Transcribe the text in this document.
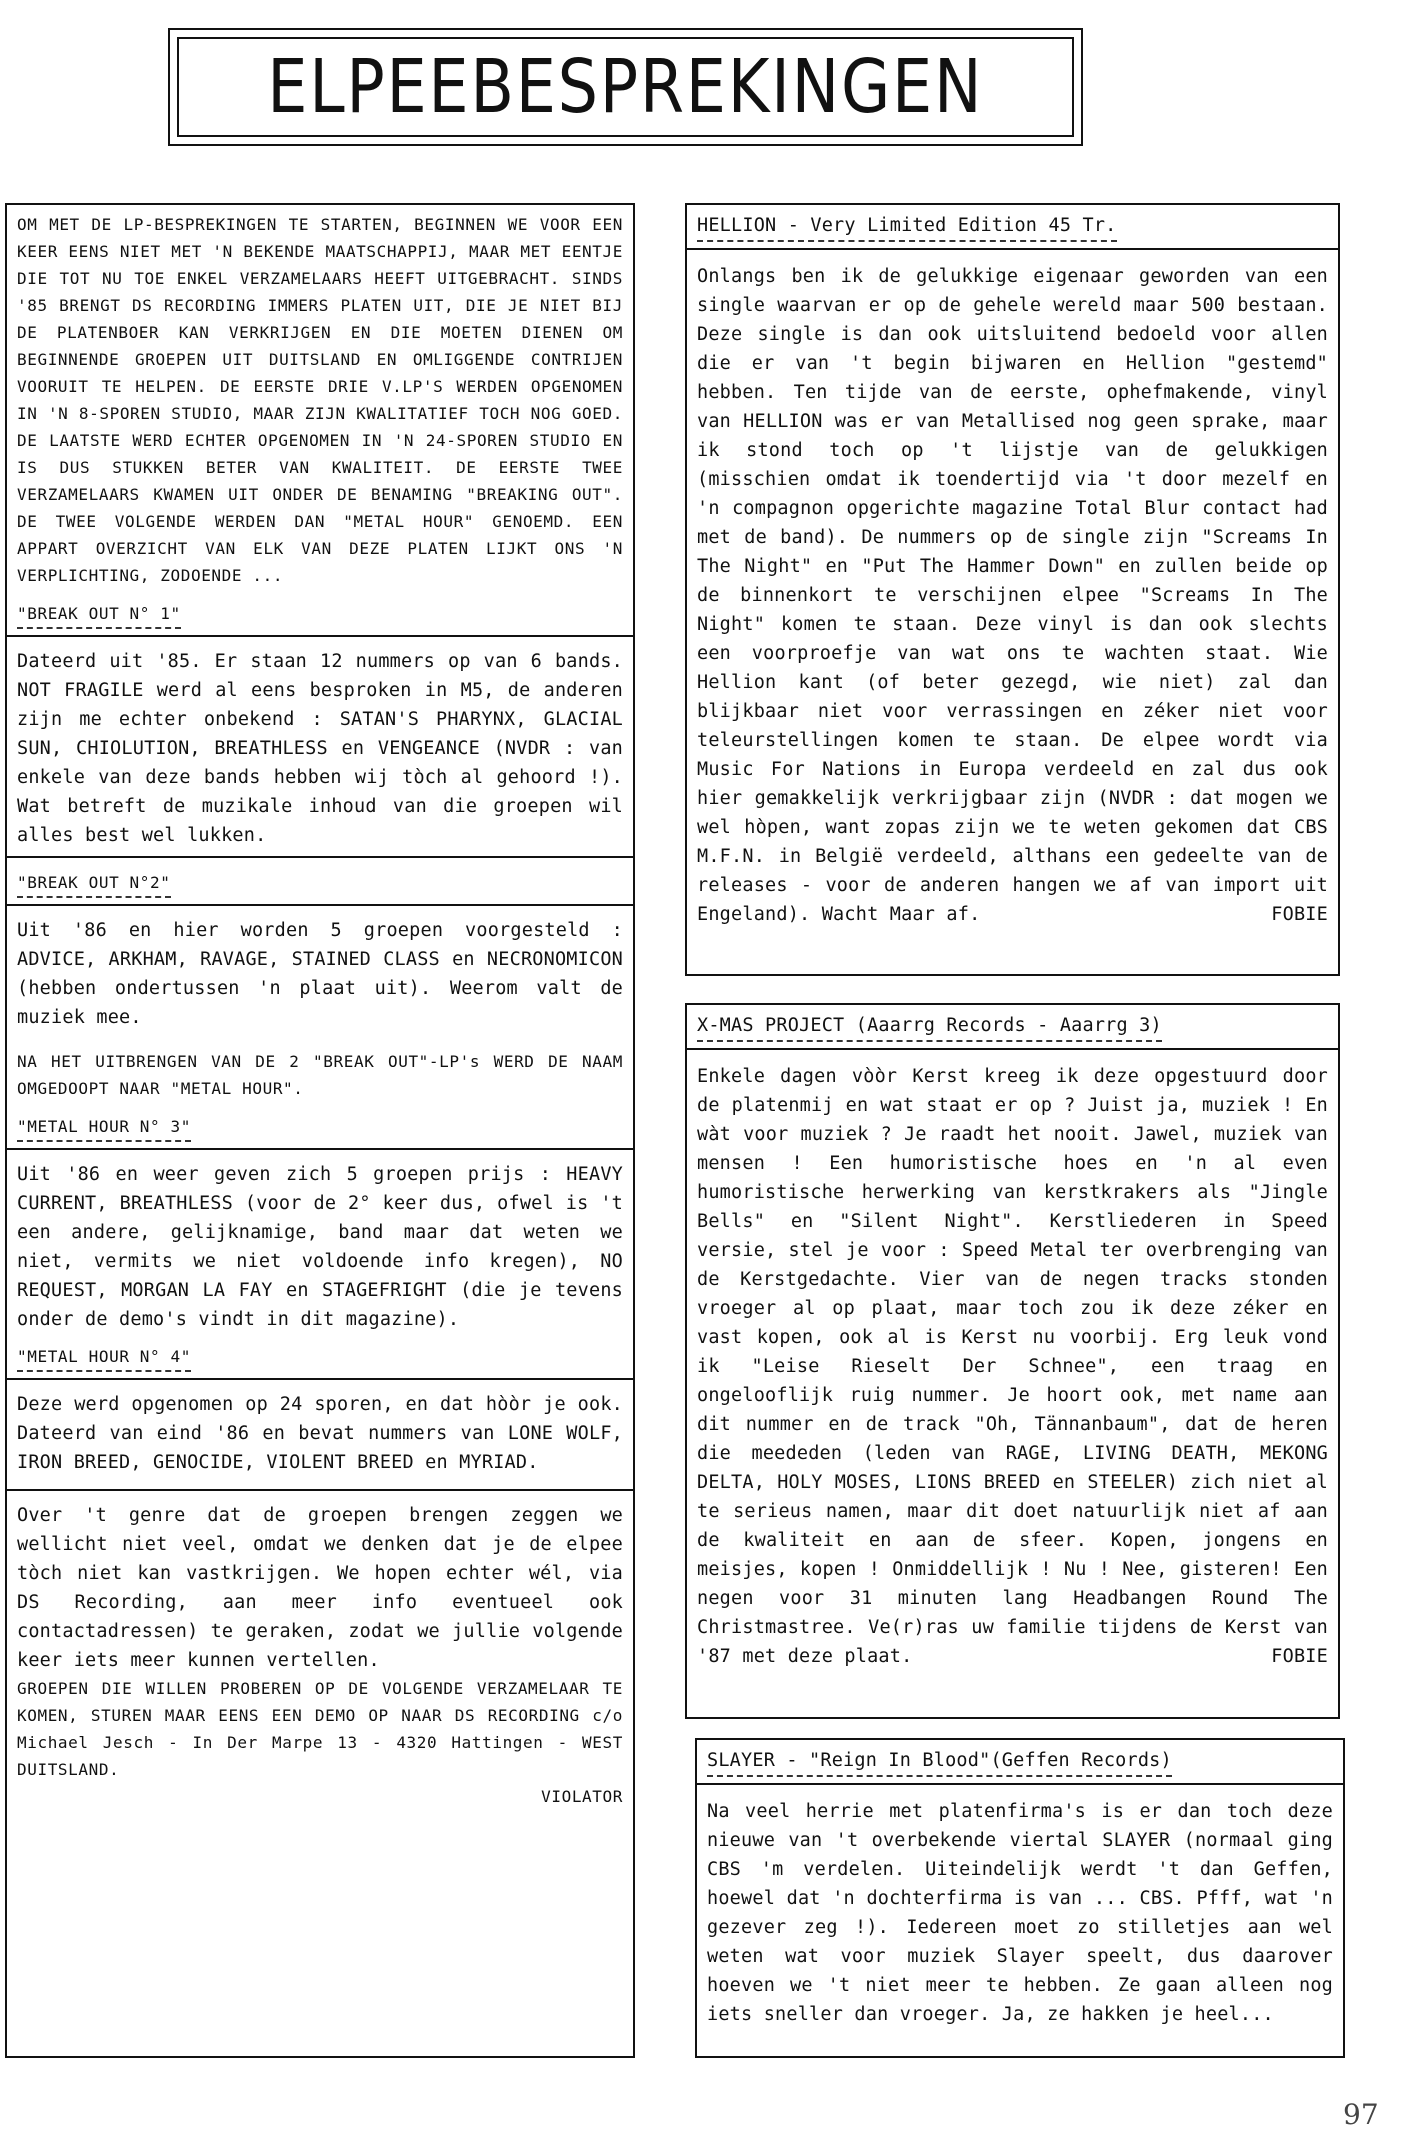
ELPEEBESPREKINGEN

OM MET DE LP-BESPREKINGEN TE STARTEN, BEGINNEN WE VOOR EEN KEER EENS NIET MET 'N BEKENDE MAATSCHAPPIJ, MAAR MET EENTJE DIE TOT NU TOE ENKEL VERZAMELAARS HEEFT UITGEBRACHT. SINDS '85 BRENGT DS RECORDING IMMERS PLATEN UIT, DIE JE NIET BIJ DE PLATENBOER KAN VERKRIJGEN EN DIE MOETEN DIENEN OM BEGINNENDE GROEPEN UIT DUITSLAND EN OMLIGGENDE CONTRIJEN VOORUIT TE HELPEN. DE EERSTE DRIE V.LP'S WERDEN OPGENOMEN IN 'N 8-SPOREN STUDIO, MAAR ZIJN KWALITATIEF TOCH NOG GOED. DE LAATSTE WERD ECHTER OPGENOMEN IN 'N 24-SPOREN STUDIO EN IS DUS STUKKEN BETER VAN KWALITEIT. DE EERSTE TWEE VERZAMELAARS KWAMEN UIT ONDER DE BENAMING "BREAKING OUT". DE TWEE VOLGENDE WERDEN DAN "METAL HOUR" GENOEMD. EEN APPART OVERZICHT VAN ELK VAN DEZE PLATEN LIJKT ONS 'N VERPLICHTING, ZODOENDE ...

"BREAK OUT N° 1"

Dateerd uit '85. Er staan 12 nummers op van 6 bands. NOT FRAGILE werd al eens besproken in M5, de anderen zijn me echter onbekend : SATAN'S PHARYNX, GLACIAL SUN, CHIOLUTION, BREATHLESS en VENGEANCE (NVDR : van enkele van deze bands hebben wij tòch al gehoord !). Wat betreft de muzikale inhoud van die groepen wil alles best wel lukken.

"BREAK OUT N°2"

Uit '86 en hier worden 5 groepen voorgesteld : ADVICE, ARKHAM, RAVAGE, STAINED CLASS en NECRONOMICON (hebben ondertussen 'n plaat uit). Weerom valt de muziek mee.

NA HET UITBRENGEN VAN DE 2 "BREAK OUT"-LP's WERD DE NAAM OMGEDOOPT NAAR "METAL HOUR".

"METAL HOUR N° 3"

Uit '86 en weer geven zich 5 groepen prijs : HEAVY CURRENT, BREATHLESS (voor de 2° keer dus, ofwel is 't een andere, gelijknamige, band maar dat weten we niet, vermits we niet voldoende info kregen), NO REQUEST, MORGAN LA FAY en STAGEFRIGHT (die je tevens onder de demo's vindt in dit magazine).

"METAL HOUR N° 4"

Deze werd opgenomen op 24 sporen, en dat hòòr je ook. Dateerd van eind '86 en bevat nummers van LONE WOLF, IRON BREED, GENOCIDE, VIOLENT BREED en MYRIAD.

Over 't genre dat de groepen brengen zeggen we wellicht niet veel, omdat we denken dat je de elpee tòch niet kan vastkrijgen. We hopen echter wél, via DS Recording, aan meer info eventueel ook contactadressen) te geraken, zodat we jullie volgende keer iets meer kunnen vertellen.

GROEPEN DIE WILLEN PROBEREN OP DE VOLGENDE VERZAMELAAR TE KOMEN, STUREN MAAR EENS EEN DEMO OP NAAR DS RECORDING c/o Michael Jesch - In Der Marpe 13 - 4320 Hattingen - WEST DUITSLAND.

VIOLATOR

HELLION - Very Limited Edition 45 Tr.

Onlangs ben ik de gelukkige eigenaar geworden van een single waarvan er op de gehele wereld maar 500 bestaan. Deze single is dan ook uitsluitend bedoeld voor allen die er van 't begin bijwaren en Hellion "gestemd" hebben. Ten tijde van de eerste, ophefmakende, vinyl van HELLION was er van Metallised nog geen sprake, maar ik stond toch op 't lijstje van de gelukkigen (misschien omdat ik toendertijd via 't door mezelf en 'n compagnon opgerichte magazine Total Blur contact had met de band). De nummers op de single zijn "Screams In The Night" en "Put The Hammer Down" en zullen beide op de binnenkort te verschijnen elpee "Screams In The Night" komen te staan. Deze vinyl is dan ook slechts een voorproefje van wat ons te wachten staat. Wie Hellion kant (of beter gezegd, wie niet) zal dan blijkbaar niet voor verrassingen en zéker niet voor teleurstellingen komen te staan. De elpee wordt via Music For Nations in Europa verdeeld en zal dus ook hier gemakkelijk verkrijgbaar zijn (NVDR : dat mogen we wel hòpen, want zopas zijn we te weten gekomen dat CBS M.F.N. in België verdeeld, althans een gedeelte van de releases - voor de anderen hangen we af van import uit Engeland). Wacht Maar af.	FOBIE

X-MAS PROJECT (Aaarrg Records - Aaarrg 3)

Enkele dagen vòòr Kerst kreeg ik deze opgestuurd door de platenmij en wat staat er op ? Juist ja, muziek ! En wàt voor muziek ? Je raadt het nooit. Jawel, muziek van mensen ! Een humoristische hoes en 'n al even humoristische herwerking van kerstkrakers als "Jingle Bells" en "Silent Night". Kerstliederen in Speed versie, stel je voor : Speed Metal ter overbrenging van de Kerstgedachte. Vier van de negen tracks stonden vroeger al op plaat, maar toch zou ik deze zéker en vast kopen, ook al is Kerst nu voorbij. Erg leuk vond ik "Leise Rieselt Der Schnee", een traag en ongelooflijk ruig nummer. Je hoort ook, met name aan dit nummer en de track "Oh, Tännanbaum", dat de heren die meededen (leden van RAGE, LIVING DEATH, MEKONG DELTA, HOLY MOSES, LIONS BREED en STEELER) zich niet al te serieus namen, maar dit doet natuurlijk niet af aan de kwaliteit en aan de sfeer. Kopen, jongens en meisjes, kopen ! Onmiddellijk ! Nu ! Nee, gisteren! Een negen voor 31 minuten lang Headbangen Round The Christmastree. Ve(r)ras uw familie tijdens de Kerst van '87 met deze plaat.	FOBIE

SLAYER - "Reign In Blood"(Geffen Records)

Na veel herrie met platenfirma's is er dan toch deze nieuwe van 't overbekende viertal SLAYER (normaal ging CBS 'm verdelen. Uiteindelijk werdt 't dan Geffen, hoewel dat 'n dochterfirma is van ... CBS. Pfff, wat 'n gezever zeg !). Iedereen moet zo stilletjes aan wel weten wat voor muziek Slayer speelt, dus daarover hoeven we 't niet meer te hebben. Ze gaan alleen nog iets sneller dan vroeger. Ja, ze hakken je heel...

97
